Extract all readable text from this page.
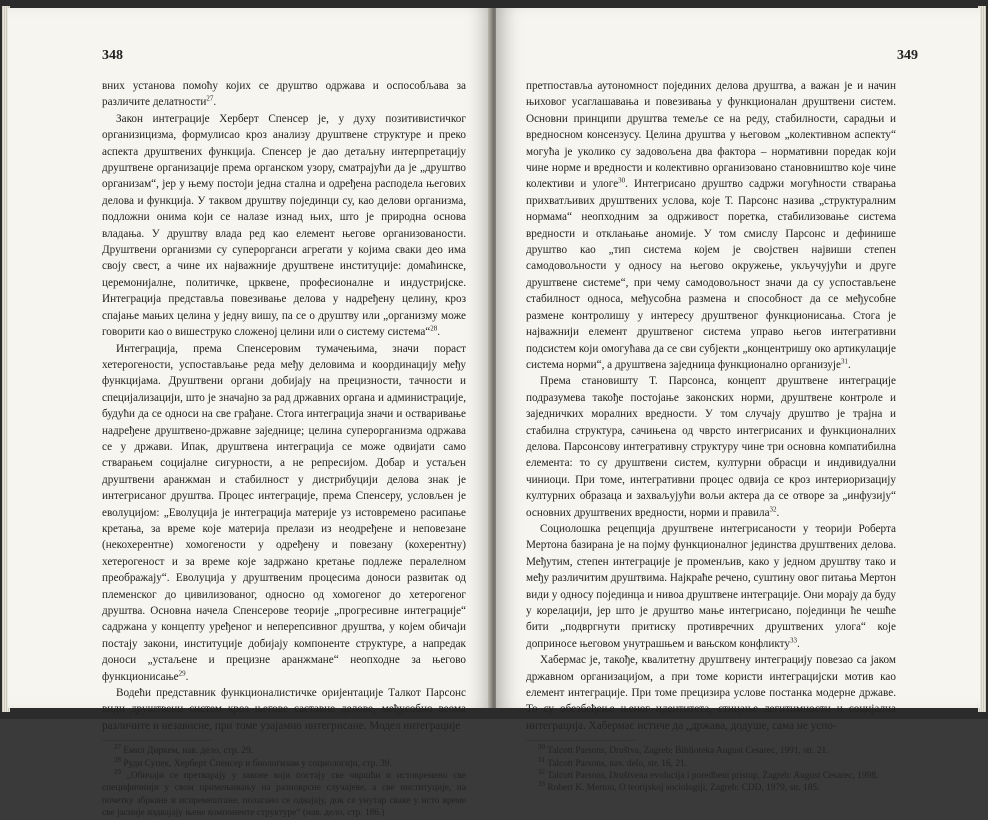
348

вних установа помоћу којих се друштво одржава и оспособљава за различите делатности$^{27}$.

Закон интеграције Херберт Спенсер је, у духу позитивистичког организицизма, формулисао кроз анализу друштвене структуре и преко аспекта друштвених функција. Спенсер је дао детаљну интерпретацију друштвене организације према органском узору, сматрајући да је „друштво организам“, јер у њему постоји једна стална и одређена расподела његових делова и функција. У таквом друштву појединци су, као делови организма, подложни онима који се налазе изнад њих, што је природна основа владања. У друштву влада ред као елемент његове организованости. Друштвени организми су суперорганси агрегати у којима сваки део има своју свест, а чине их најважније друштвене институције: домаћинске, церемонијалне, политичке, црквене, професионалне и индустријске. Интеграција представља повезивање делова у надређену целину, кроз спајање мањих целина у једну вишу, па се о друштву или „организму може говорити као о вишеструко сложеној целини или о систему система“$^{28}$.

Интеграција, према Спенсеровим тумачењима, значи пораст хетерогености, успостављање реда међу деловима и координацију међу функцијама. Друштвени органи добијају на прецизности, тачности и специјализацији, што је значајно за рад државних органа и администрације, будући да се односи на све грађане. Стога интеграција значи и остваривање надређене друштвено-државне заједнице; целина суперорганизма одржава се у држави. Ипак, друштвена интеграција се може одвијати само стварањем социјалне сигурности, а не репресијом. Добар и устаљен друштвени аранжман и стабилност у дистрибуцији делова знак је интегрисаног друштва. Процес интеграције, према Спенсеру, условљен је еволуцијом: „Еволуција је интеграција материје уз истовремено расипање кретања, за време које материја прелази из неодређене и неповезане (некохерентне) хомогености у одређену и повезану (кохерентну) хетерогеност и за време које задржано кретање подлеже пералелном преображају“. Еволуција у друштвеним процесима доноси развитак од племенског до цивилизованог, односно од хомогеног до хетерогеног друштва. Основна начела Спенсерове теорије „прогресивне интеграције“ садржана у концепту уређеног и неперепсивног друштва, у којем обичаји постају закони, институције добијају компоненте структуре, а напредак доноси „устаљене и прецизне аранжмане“ неопходне за његово функционисање$^{29}$.

Водећи представник функционалистичке оријентације Талкот Парсонс види друштвени систем кроз његове саставне делове, међусобно веома различите и независне, при томе узајамно интегрисане. Модел интеграције

$^{27}$ Емил Диркем, нав. дело, стр. 29.

$^{28}$ Руди Супек, Херберт Спенсер и биологизам у социологији, стр. 39.

$^{29}$ „Обичаји се претварају у законе који постају све чвршћи и истовремено све специфичнији у свом примењивању на разноврсне случајеве, а све институције, на почетку збркане и испремештане, полагано се одвајају, док се унутар сваке у исто време све јасније издвајају њене компоненте структуре“ (нав. дело, стр. 186.)

349

претпоставља аутономност појединих делова друштва, а важан је и начин њиховог усаглашавања и повезивања у функционалан друштвени систем. Основни принципи друштва темеље се на реду, стабилности, сарадњи и вредносном консензусу. Целина друштва у његовом „колективном аспекту“ могућа је уколико су задовољена два фактора – нормативни поредак који чине норме и вредности и колективно организовано становништво које чине колективи и улоге$^{30}$. Интегрисано друштво садржи могућности стварања прихватљивих друштвених услова, које Т. Парсонс назива „структуралним нормама“ неопходним за одрживост поретка, стабилизовање система вредности и отклањање аномије. У том смислу Парсонс и дефинише друштво као „тип система којем је својствен највиши степен самодовољности у односу на његово окружење, укључујући и друге друштвене системе“, при чему самодовољност значи да су успостављене стабилност односа, међусобна размена и способност да се међусобне размене контролишу у интересу друштвеног функционисања. Стога је најважнији елемент друштвеног система управо његов интегративни подсистем који омогућава да се сви субјекти „концентришу око артикулације система норми“, а друштвена заједница функционално организује$^{31}$.

Према становишту Т. Парсонса, концепт друштвене интеграције подразумева такође постојање законских норми, друштвене контроле и заједничких моралних вредности. У том случају друштво је трајна и стабилна структура, сачињена од чврсто интегрисаних и функционалних делова. Парсонсову интегративну структуру чине три основна компатибилна елемента: то су друштвени систем, културни обрасци и индивидуални чиниоци. При томе, интегративни процес одвија се кроз интериоризацију културних образаца и захваљујући вољи актера да се отворе за „инфузију“ основних друштвених вредности, норми и правила$^{32}$.

Социолошка рецепција друштвене интегрисаности у теорији Роберта Мертона базирана је на појму функционалног јединства друштвених делова. Међутим, степен интеграције је променљив, како у једном друштву тако и међу различитим друштвима. Најкраће речено, суштину овог питања Мертон види у односу појединца и нивоа друштвене интеграције. Они морају да буду у корелацији, јер што је друштво мање интегрисано, појединци ће чешће бити „подвргнути притиску противречних друштвених улога“ које доприносе његовом унутрашњем и вањском конфликту$^{33}$.

Хабермас је, такође, квалитетну друштвену интеграцију повезао са јаком државном организацијом, а при томе користи интеграцијски мотив као елемент интеграције. При томе прецизира услове постанка модерне државе. То су обезбеђење њеног идентитета, стицање легитимности и социјална интеграција. Хабермас истиче да „држава, додуше, сама не успо-

$^{30}$ Talcott Parsons, Društva, Zagreb: Biblioteka August Cesarec, 1991, str. 21.

$^{31}$ Talcott Parsons, nav. delo, str. 16, 21.

$^{32}$ Talcott Parsons, Društvena evolucija i poredbeni pristup, Zagreb: August Cesarec, 1998.

$^{33}$ Robert K. Merton, O teorijskoj sociologiji, Zagreb: CDD, 1979, str. 185.
